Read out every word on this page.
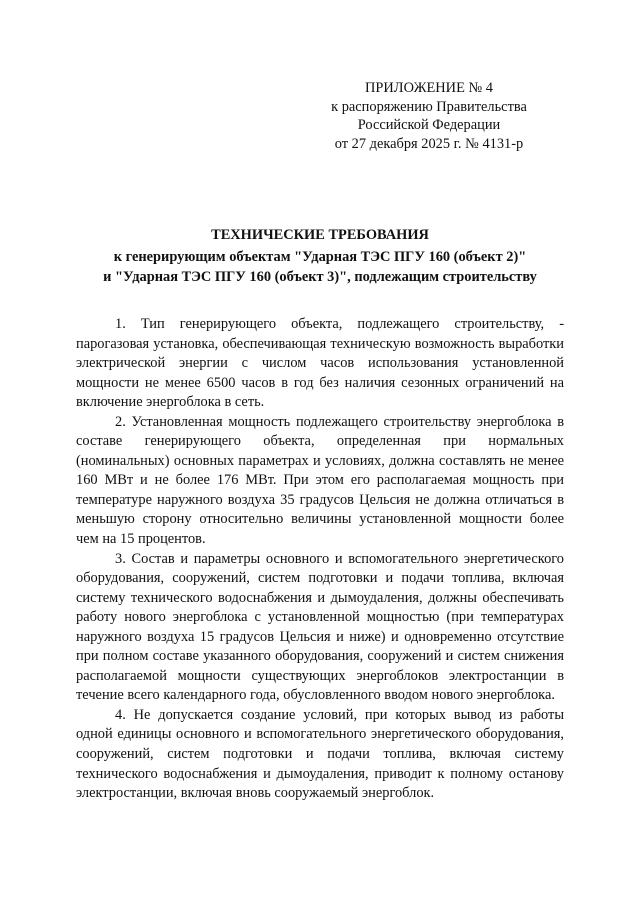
ПРИЛОЖЕНИЕ № 4
к распоряжению Правительства
Российской Федерации
от 27 декабря 2025 г. № 4131-р
ТЕХНИЧЕСКИЕ ТРЕБОВАНИЯ
к генерирующим объектам "Ударная ТЭС ПГУ 160 (объект 2)"
и "Ударная ТЭС ПГУ 160 (объект 3)", подлежащим строительству

1. Тип генерирующего объекта, подлежащего строительству, - парогазовая установка, обеспечивающая техническую возможность выработки электрической энергии с числом часов использования установленной мощности не менее 6500 часов в год без наличия сезонных ограничений на включение энергоблока в сеть.

2. Установленная мощность подлежащего строительству энергоблока в составе генерирующего объекта, определенная при нормальных (номинальных) основных параметрах и условиях, должна составлять не менее 160 МВт и не более 176 МВт. При этом его располагаемая мощность при температуре наружного воздуха 35 градусов Цельсия не должна отличаться в меньшую сторону относительно величины установленной мощности более чем на 15 процентов.

3. Состав и параметры основного и вспомогательного энергетического оборудования, сооружений, систем подготовки и подачи топлива, включая систему технического водоснабжения и дымоудаления, должны обеспечивать работу нового энергоблока с установленной мощностью (при температурах наружного воздуха 15 градусов Цельсия и ниже) и одновременно отсутствие при полном составе указанного оборудования, сооружений и систем снижения располагаемой мощности существующих энергоблоков электростанции в течение всего календарного года, обусловленного вводом нового энергоблока.

4. Не допускается создание условий, при которых вывод из работы одной единицы основного и вспомогательного энергетического оборудования, сооружений, систем подготовки и подачи топлива, включая систему технического водоснабжения и дымоудаления, приводит к полному останову электростанции, включая вновь сооружаемый энергоблок.
